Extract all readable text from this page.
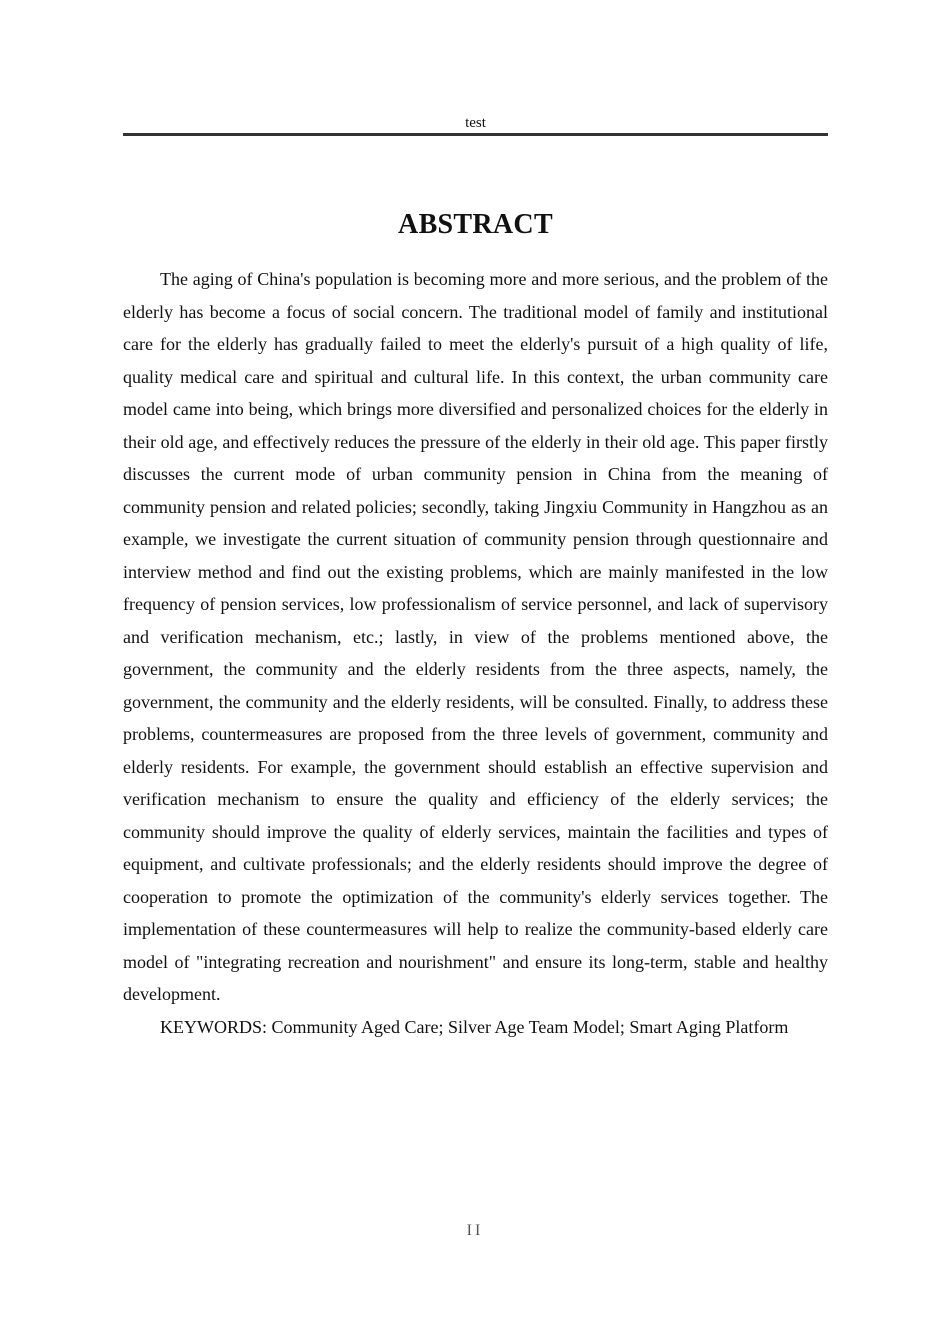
test
ABSTRACT

The aging of China's population is becoming more and more serious, and the problem of the elderly has become a focus of social concern. The traditional model of family and institutional care for the elderly has gradually failed to meet the elderly's pursuit of a high quality of life, quality medical care and spiritual and cultural life. In this context, the urban community care model came into being, which brings more diversified and personalized choices for the elderly in their old age, and effectively reduces the pressure of the elderly in their old age. This paper firstly discusses the current mode of urban community pension in China from the meaning of community pension and related policies; secondly, taking Jingxiu Community in Hangzhou as an example, we investigate the current situation of community pension through questionnaire and interview method and find out the existing problems, which are mainly manifested in the low frequency of pension services, low professionalism of service personnel, and lack of supervisory and verification mechanism, etc.; lastly, in view of the problems mentioned above, the government, the community and the elderly residents from the three aspects, namely, the government, the community and the elderly residents, will be consulted. Finally, to address these problems, countermeasures are proposed from the three levels of government, community and elderly residents. For example, the government should establish an effective supervision and verification mechanism to ensure the quality and efficiency of the elderly services; the community should improve the quality of elderly services, maintain the facilities and types of equipment, and cultivate professionals; and the elderly residents should improve the degree of cooperation to promote the optimization of the community's elderly services together. The implementation of these countermeasures will help to realize the community-based elderly care model of "integrating recreation and nourishment" and ensure its long-term, stable and healthy development.

KEYWORDS: Community Aged Care; Silver Age Team Model; Smart Aging Platform

II
